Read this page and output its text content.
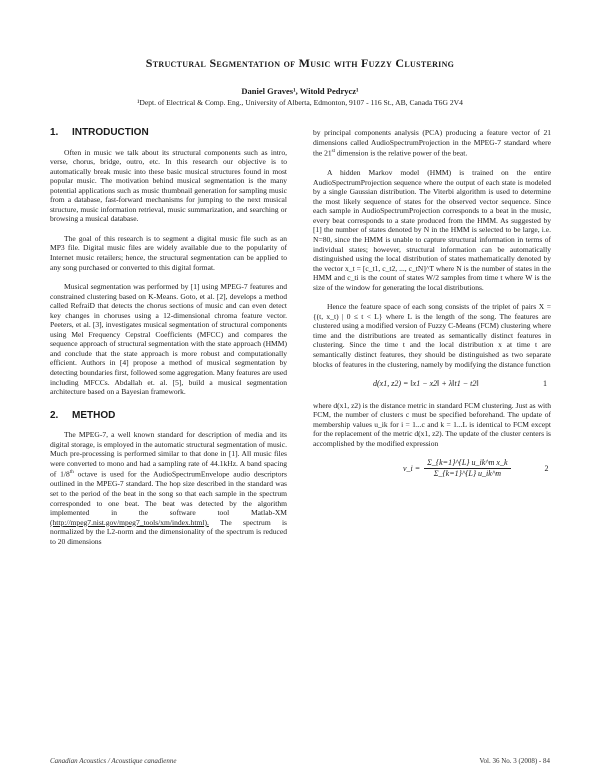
Structural Segmentation of Music with Fuzzy Clustering
Daniel Graves¹, Witold Pedrycz¹
¹Dept. of Electrical & Comp. Eng., University of Alberta, Edmonton, 9107 - 116 St., AB, Canada T6G 2V4
1. INTRODUCTION

Often in music we talk about its structural components such as intro, verse, chorus, bridge, outro, etc. In this research our objective is to automatically break music into these basic musical structures found in most popular music. The motivation behind musical segmentation is the many potential applications such as music thumbnail generation for sampling music from a database, fast-forward mechanisms for jumping to the next musical structure, music information retrieval, music summarization, and searching or browsing a musical database.

The goal of this research is to segment a digital music file such as an MP3 file. Digital music files are widely available due to the popularity of Internet music retailers; hence, the structural segmentation can be applied to any song purchased or converted to this digital format.

Musical segmentation was performed by [1] using MPEG-7 features and constrained clustering based on K-Means. Goto, et al. [2], develops a method called RefraiD that detects the chorus sections of music and can even detect key changes in choruses using a 12-dimensional chroma feature vector. Peeters, et al. [3], investigates musical segmentation of structural components using Mel Frequency Cepstral Coefficients (MFCC) and compares the sequence approach of structural segmentation with the state approach (HMM) and conclude that the state approach is more robust and computationally efficient. Authors in [4] propose a method of musical segmentation by detecting boundaries first, followed some aggregation. Many features are used including MFCCs. Abdallah et. al. [5], build a musical segmentation architecture based on a Bayesian framework.

2. METHOD

The MPEG-7, a well known standard for description of media and its digital storage, is employed in the automatic structural segmentation of music. Much pre-processing is performed similar to that done in [1]. All music files were converted to mono and had a sampling rate of 44.1kHz. A band spacing of 1/8th octave is used for the AudioSpectrumEnvelope audio descriptors outlined in the MPEG-7 standard. The hop size described in the standard was set to the period of the beat in the song so that each sample in the spectrum corresponded to one beat. The beat was detected by the algorithm implemented in the software tool Matlab-XM (http://mpeg7.nist.gov/mpeg7_tools/xm/index.html). The spectrum is normalized by the L2-norm and the dimensionality of the spectrum is reduced to 20 dimensions

by principal components analysis (PCA) producing a feature vector of 21 dimensions called AudioSpectrumProjection in the MPEG-7 standard where the 21st dimension is the relative power of the beat.

A hidden Markov model (HMM) is trained on the entire AudioSpectrumProjection sequence where the output of each state is modeled by a single Gaussian distribution. The Viterbi algorithm is used to determine the most likely sequence of states for the observed vector sequence. Since each sample in AudioSpectrumProjection corresponds to a beat in the music, every beat corresponds to a state produced from the HMM. As suggested by [1] the number of states denoted by N in the HMM is selected to be large, i.e. N=80, since the HMM is unable to capture structural information in terms of individual states; however, structural information can be automatically distinguished using the local distribution of states mathematically denoted by the vector x_t = [c_t1, c_t2, ..., c_tN]^T where N is the number of states in the HMM and c_ti is the count of states W/2 samples from time t where W is the size of the window for generating the local distributions.

Hence the feature space of each song consists of the triplet of pairs X = {(t, x_t) | 0 ≤ t < L} where L is the length of the song. The features are clustered using a modified version of Fuzzy C-Means (FCM) clustering where time and the distributions are treated as semantically distinct features in clustering. Since the time t and the local distribution x at time t are semantically distinct features, they should be distinguished as two separate blocks of features in the clustering, namely by modifying the distance function

d(x1, z2) = ‖x1 − x2‖ + λ‖t1 − t2‖	1

where d(x1, z2) is the distance metric in standard FCM clustering. Just as with FCM, the number of clusters c must be specified beforehand. The update of membership values u_ik for i = 1...c and k = 1...L is identical to FCM except for the replacement of the metric d(x1, z2). The update of the cluster centers is accomplished by the modified expression

v_i = $\frac{\text{Σ\_\{k=1\}\textasciicircum{}\{L\} u\_ik\textasciicircum{}m x\_k}}{\Sigma\_\{k=1\}\^{}\{L\} u\_ik\^{}m}$	2
Canadian Acoustics / Acoustique canadienne	Vol. 36 No. 3 (2008) - 84
